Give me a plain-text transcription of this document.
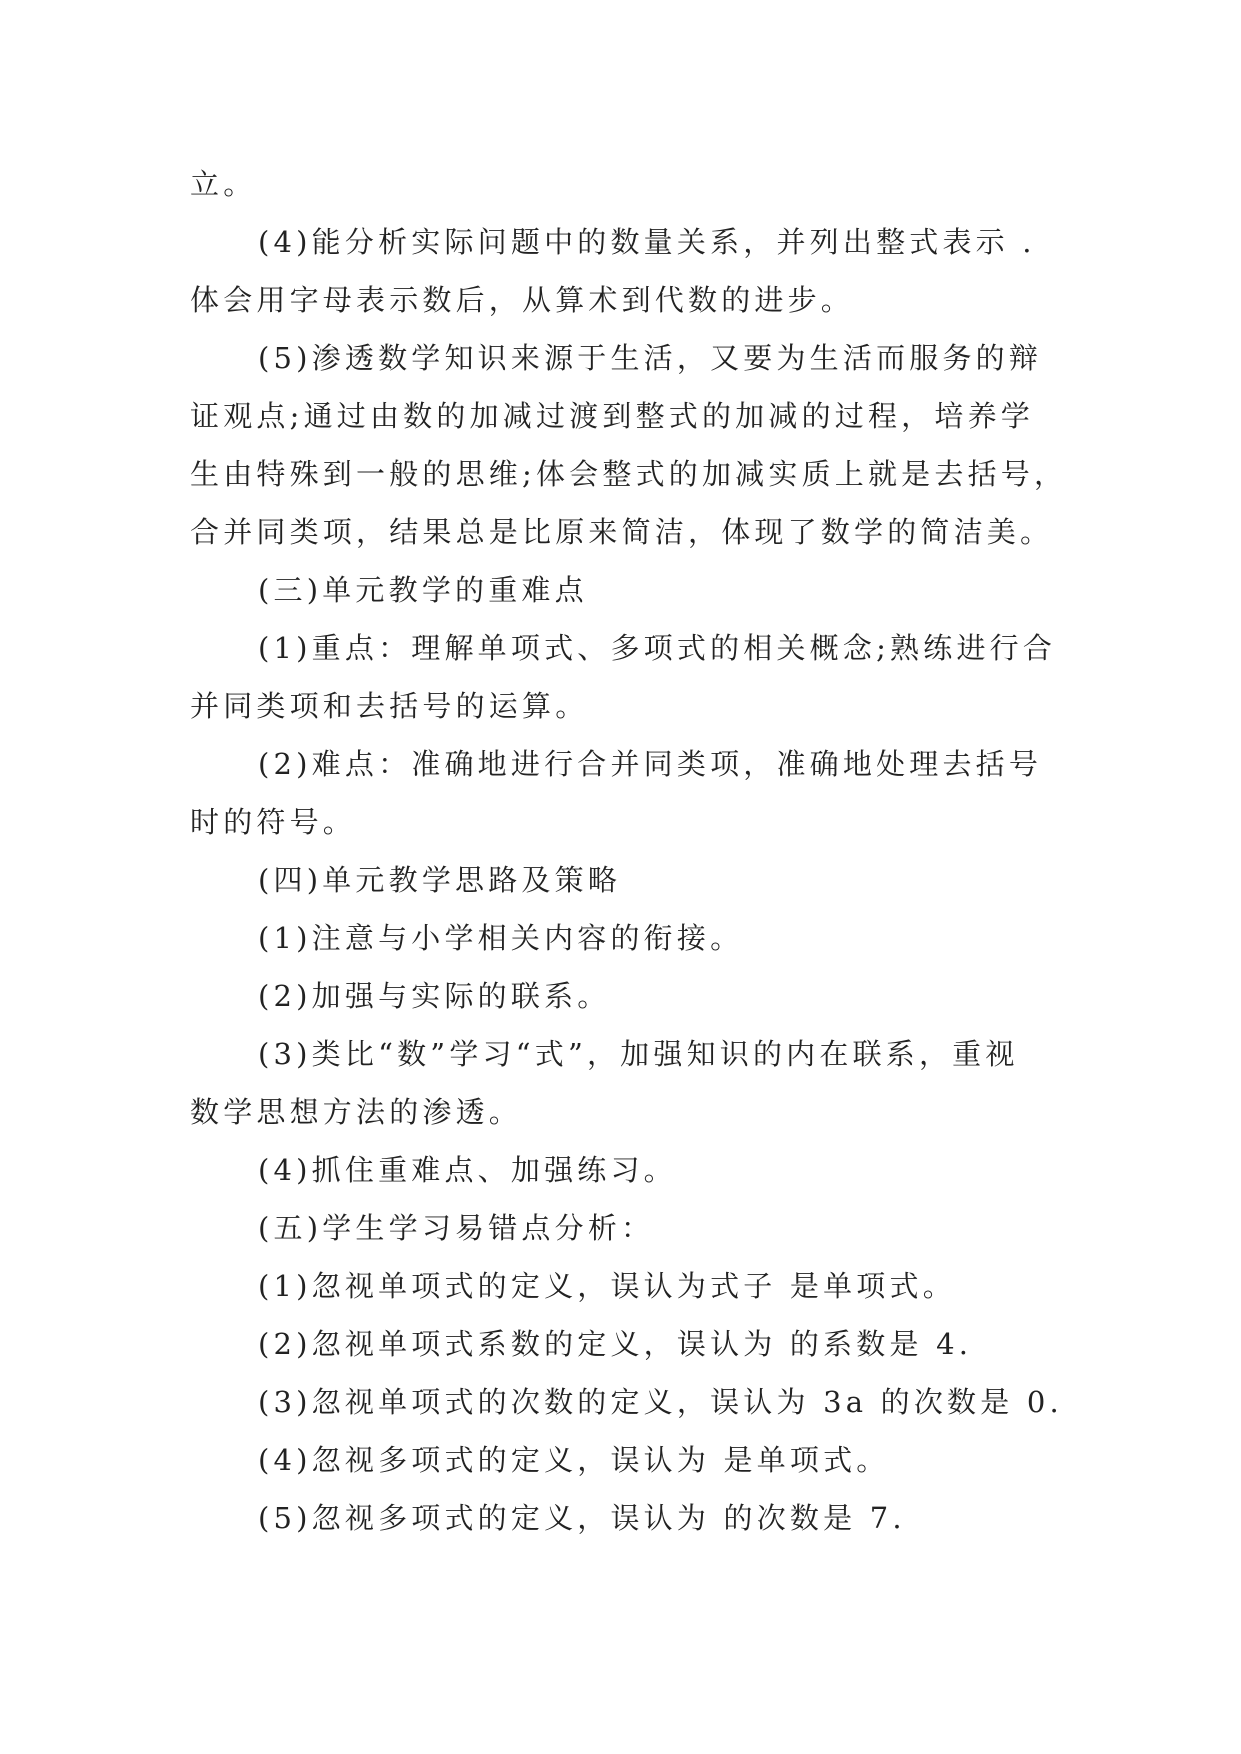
立。
(4)能分析实际问题中的数量关系，并列出整式表示 .
体会用字母表示数后，从算术到代数的进步。
(5)渗透数学知识来源于生活，又要为生活而服务的辩
证观点;通过由数的加减过渡到整式的加减的过程，培养学
生由特殊到一般的思维;体会整式的加减实质上就是去括号，
合并同类项，结果总是比原来简洁，体现了数学的简洁美。
(三)单元教学的重难点
(1)重点：理解单项式、多项式的相关概念;熟练进行合
并同类项和去括号的运算。
(2)难点：准确地进行合并同类项，准确地处理去括号
时的符号。
(四)单元教学思路及策略
(1)注意与小学相关内容的衔接。
(2)加强与实际的联系。
(3)类比“数”学习“式”，加强知识的内在联系，重视
数学思想方法的渗透。
(4)抓住重难点、加强练习。
(五)学生学习易错点分析：
(1)忽视单项式的定义，误认为式子 是单项式。
(2)忽视单项式系数的定义，误认为 的系数是 4.
(3)忽视单项式的次数的定义，误认为 3a 的次数是 0.
(4)忽视多项式的定义，误认为 是单项式。
(5)忽视多项式的定义，误认为 的次数是 7.
